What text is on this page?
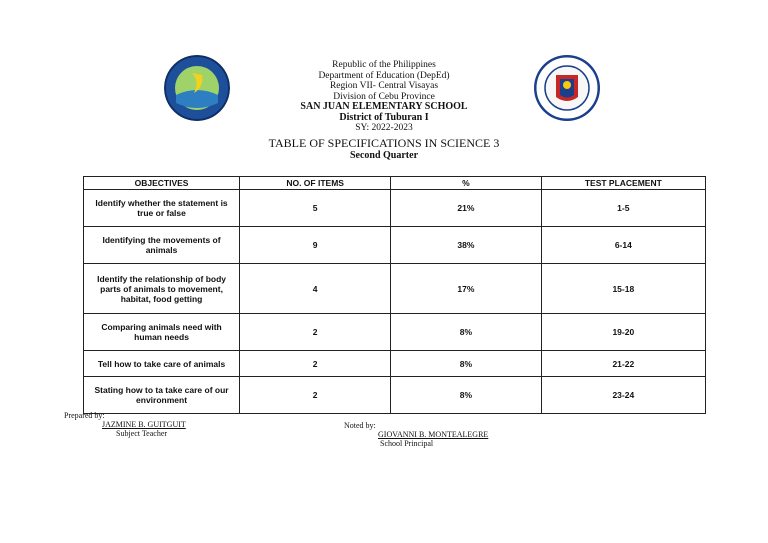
Republic of the Philippines
Department of Education (DepEd)
Region VII- Central Visayas
Division of Cebu Province
SAN JUAN ELEMENTARY SCHOOL
District of Tuburan I
SY: 2022-2023
TABLE OF SPECIFICATIONS IN SCIENCE 3
Second Quarter
OBJECTIVES	NO. OF ITEMS	%	TEST PLACEMENT
Identify whether the statement is true or false	5	21%	1-5
Identifying the movements of animals	9	38%	6-14
Identify the relationship of body parts of animals to movement, habitat, food getting	4	17%	15-18
Comparing animals need with human needs	2	8%	19-20
Tell how to take care of animals	2	8%	21-22
Stating how to ta take care of our environment	2	8%	23-24
Prepared by:
JAZMINE B. GUITGUIT
Subject Teacher
Noted by:
GIOVANNI B. MONTEALEGRE
School Principal
